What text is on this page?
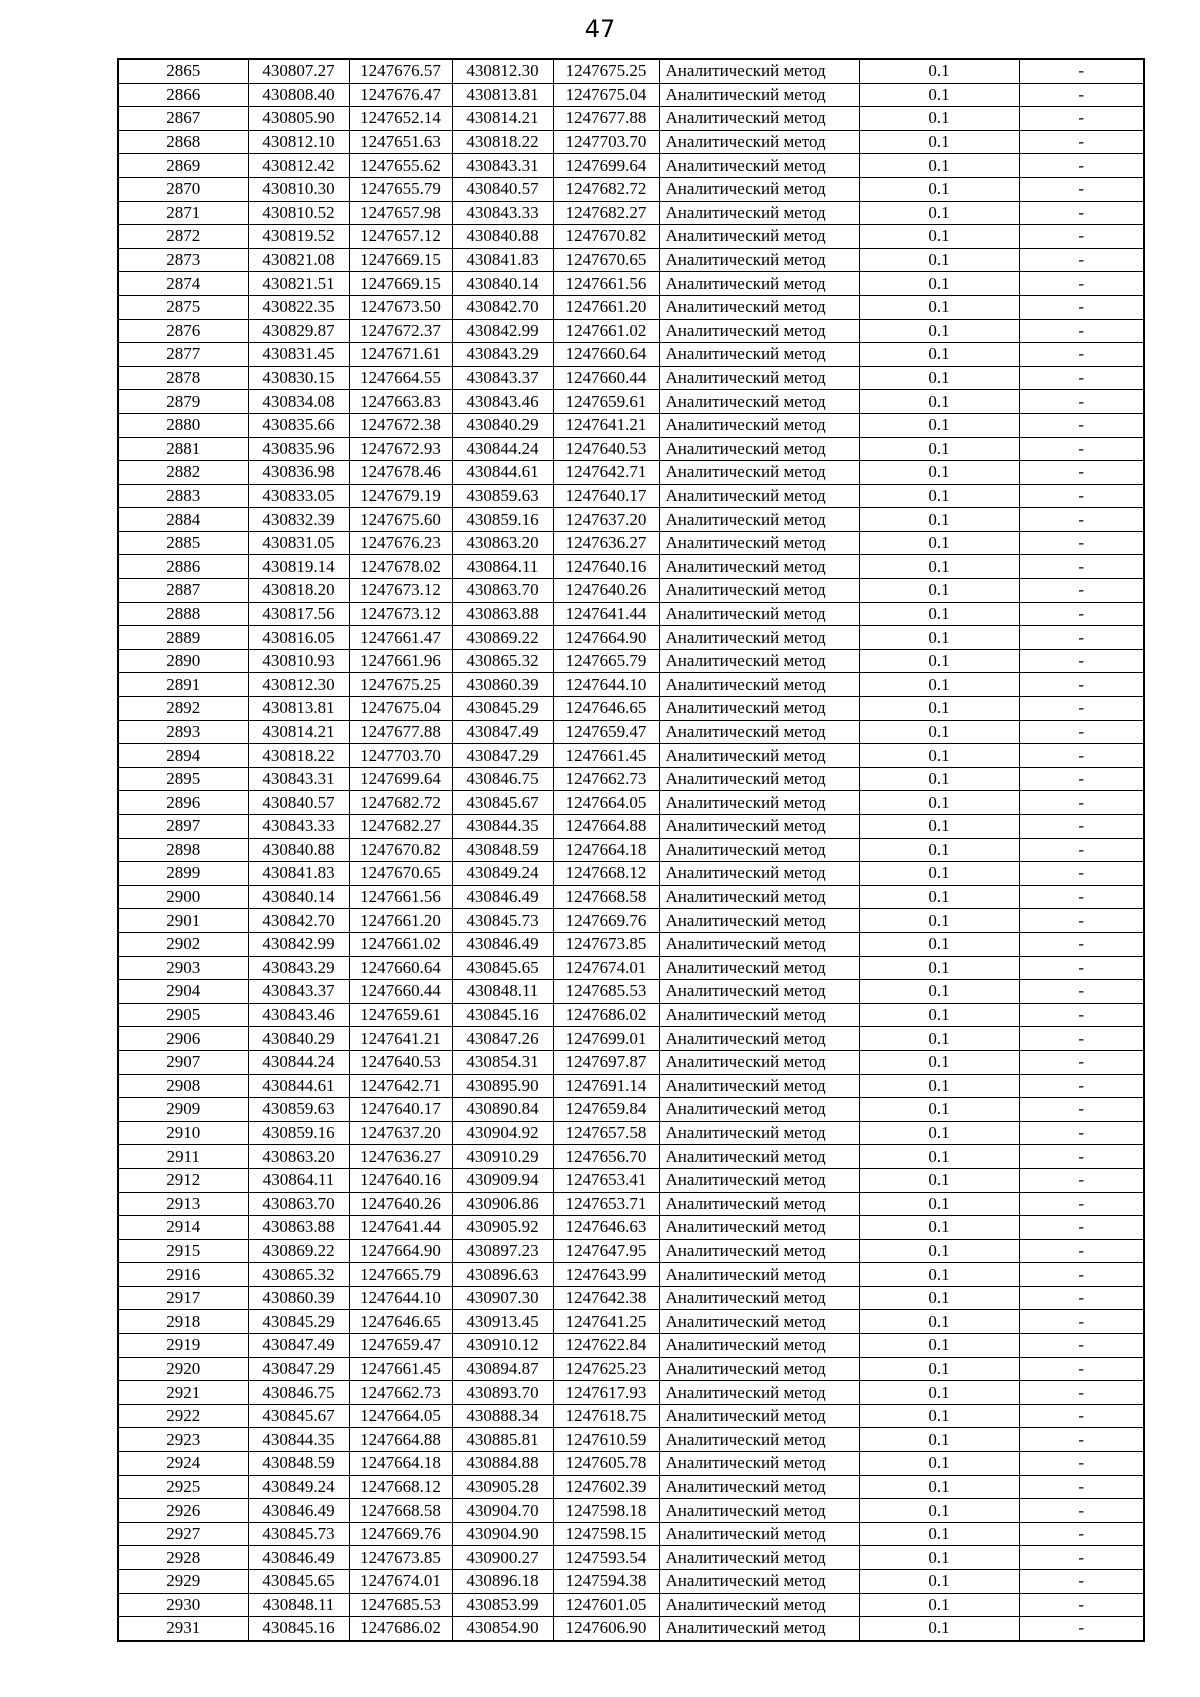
47
2865	430807.27	1247676.57	430812.30	1247675.25	Аналитический метод	0.1	-
2866	430808.40	1247676.47	430813.81	1247675.04	Аналитический метод	0.1	-
2867	430805.90	1247652.14	430814.21	1247677.88	Аналитический метод	0.1	-
2868	430812.10	1247651.63	430818.22	1247703.70	Аналитический метод	0.1	-
2869	430812.42	1247655.62	430843.31	1247699.64	Аналитический метод	0.1	-
2870	430810.30	1247655.79	430840.57	1247682.72	Аналитический метод	0.1	-
2871	430810.52	1247657.98	430843.33	1247682.27	Аналитический метод	0.1	-
2872	430819.52	1247657.12	430840.88	1247670.82	Аналитический метод	0.1	-
2873	430821.08	1247669.15	430841.83	1247670.65	Аналитический метод	0.1	-
2874	430821.51	1247669.15	430840.14	1247661.56	Аналитический метод	0.1	-
2875	430822.35	1247673.50	430842.70	1247661.20	Аналитический метод	0.1	-
2876	430829.87	1247672.37	430842.99	1247661.02	Аналитический метод	0.1	-
2877	430831.45	1247671.61	430843.29	1247660.64	Аналитический метод	0.1	-
2878	430830.15	1247664.55	430843.37	1247660.44	Аналитический метод	0.1	-
2879	430834.08	1247663.83	430843.46	1247659.61	Аналитический метод	0.1	-
2880	430835.66	1247672.38	430840.29	1247641.21	Аналитический метод	0.1	-
2881	430835.96	1247672.93	430844.24	1247640.53	Аналитический метод	0.1	-
2882	430836.98	1247678.46	430844.61	1247642.71	Аналитический метод	0.1	-
2883	430833.05	1247679.19	430859.63	1247640.17	Аналитический метод	0.1	-
2884	430832.39	1247675.60	430859.16	1247637.20	Аналитический метод	0.1	-
2885	430831.05	1247676.23	430863.20	1247636.27	Аналитический метод	0.1	-
2886	430819.14	1247678.02	430864.11	1247640.16	Аналитический метод	0.1	-
2887	430818.20	1247673.12	430863.70	1247640.26	Аналитический метод	0.1	-
2888	430817.56	1247673.12	430863.88	1247641.44	Аналитический метод	0.1	-
2889	430816.05	1247661.47	430869.22	1247664.90	Аналитический метод	0.1	-
2890	430810.93	1247661.96	430865.32	1247665.79	Аналитический метод	0.1	-
2891	430812.30	1247675.25	430860.39	1247644.10	Аналитический метод	0.1	-
2892	430813.81	1247675.04	430845.29	1247646.65	Аналитический метод	0.1	-
2893	430814.21	1247677.88	430847.49	1247659.47	Аналитический метод	0.1	-
2894	430818.22	1247703.70	430847.29	1247661.45	Аналитический метод	0.1	-
2895	430843.31	1247699.64	430846.75	1247662.73	Аналитический метод	0.1	-
2896	430840.57	1247682.72	430845.67	1247664.05	Аналитический метод	0.1	-
2897	430843.33	1247682.27	430844.35	1247664.88	Аналитический метод	0.1	-
2898	430840.88	1247670.82	430848.59	1247664.18	Аналитический метод	0.1	-
2899	430841.83	1247670.65	430849.24	1247668.12	Аналитический метод	0.1	-
2900	430840.14	1247661.56	430846.49	1247668.58	Аналитический метод	0.1	-
2901	430842.70	1247661.20	430845.73	1247669.76	Аналитический метод	0.1	-
2902	430842.99	1247661.02	430846.49	1247673.85	Аналитический метод	0.1	-
2903	430843.29	1247660.64	430845.65	1247674.01	Аналитический метод	0.1	-
2904	430843.37	1247660.44	430848.11	1247685.53	Аналитический метод	0.1	-
2905	430843.46	1247659.61	430845.16	1247686.02	Аналитический метод	0.1	-
2906	430840.29	1247641.21	430847.26	1247699.01	Аналитический метод	0.1	-
2907	430844.24	1247640.53	430854.31	1247697.87	Аналитический метод	0.1	-
2908	430844.61	1247642.71	430895.90	1247691.14	Аналитический метод	0.1	-
2909	430859.63	1247640.17	430890.84	1247659.84	Аналитический метод	0.1	-
2910	430859.16	1247637.20	430904.92	1247657.58	Аналитический метод	0.1	-
2911	430863.20	1247636.27	430910.29	1247656.70	Аналитический метод	0.1	-
2912	430864.11	1247640.16	430909.94	1247653.41	Аналитический метод	0.1	-
2913	430863.70	1247640.26	430906.86	1247653.71	Аналитический метод	0.1	-
2914	430863.88	1247641.44	430905.92	1247646.63	Аналитический метод	0.1	-
2915	430869.22	1247664.90	430897.23	1247647.95	Аналитический метод	0.1	-
2916	430865.32	1247665.79	430896.63	1247643.99	Аналитический метод	0.1	-
2917	430860.39	1247644.10	430907.30	1247642.38	Аналитический метод	0.1	-
2918	430845.29	1247646.65	430913.45	1247641.25	Аналитический метод	0.1	-
2919	430847.49	1247659.47	430910.12	1247622.84	Аналитический метод	0.1	-
2920	430847.29	1247661.45	430894.87	1247625.23	Аналитический метод	0.1	-
2921	430846.75	1247662.73	430893.70	1247617.93	Аналитический метод	0.1	-
2922	430845.67	1247664.05	430888.34	1247618.75	Аналитический метод	0.1	-
2923	430844.35	1247664.88	430885.81	1247610.59	Аналитический метод	0.1	-
2924	430848.59	1247664.18	430884.88	1247605.78	Аналитический метод	0.1	-
2925	430849.24	1247668.12	430905.28	1247602.39	Аналитический метод	0.1	-
2926	430846.49	1247668.58	430904.70	1247598.18	Аналитический метод	0.1	-
2927	430845.73	1247669.76	430904.90	1247598.15	Аналитический метод	0.1	-
2928	430846.49	1247673.85	430900.27	1247593.54	Аналитический метод	0.1	-
2929	430845.65	1247674.01	430896.18	1247594.38	Аналитический метод	0.1	-
2930	430848.11	1247685.53	430853.99	1247601.05	Аналитический метод	0.1	-
2931	430845.16	1247686.02	430854.90	1247606.90	Аналитический метод	0.1	-
